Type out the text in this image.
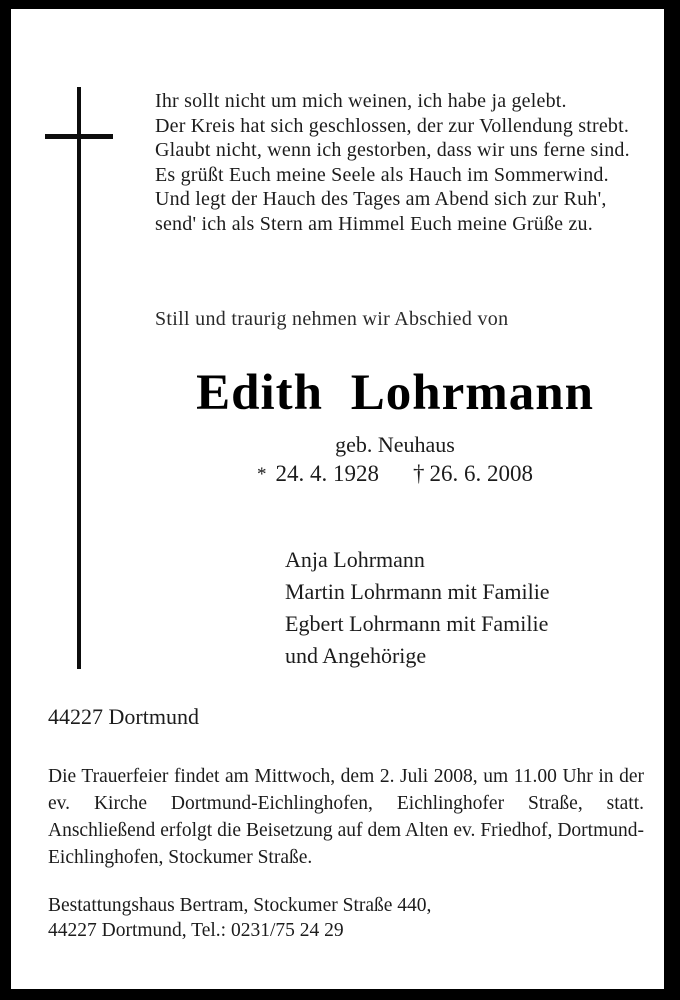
Ihr sollt nicht um mich weinen, ich habe ja gelebt.
Der Kreis hat sich geschlossen, der zur Vollendung strebt.
Glaubt nicht, wenn ich gestorben, dass wir uns ferne sind.
Es grüßt Euch meine Seele als Hauch im Sommerwind.
Und legt der Hauch des Tages am Abend sich zur Ruh',
send' ich als Stern am Himmel Euch meine Grüße zu.
Still und traurig nehmen wir Abschied von
Edith Lohrmann
geb. Neuhaus
* 24. 4. 1928 † 26. 6. 2008
Anja Lohrmann
Martin Lohrmann mit Familie
Egbert Lohrmann mit Familie
und Angehörige
44227 Dortmund
Die Trauerfeier findet am Mittwoch, dem 2. Juli 2008, um 11.00 Uhr in der ev. Kirche Dortmund-Eichlinghofen, Eichlinghofer Straße, statt. Anschließend erfolgt die Beisetzung auf dem Alten ev. Friedhof, Dortmund-Eichlinghofen, Stockumer Straße.
Bestattungshaus Bertram, Stockumer Straße 440,
44227 Dortmund, Tel.: 0231/75 24 29
